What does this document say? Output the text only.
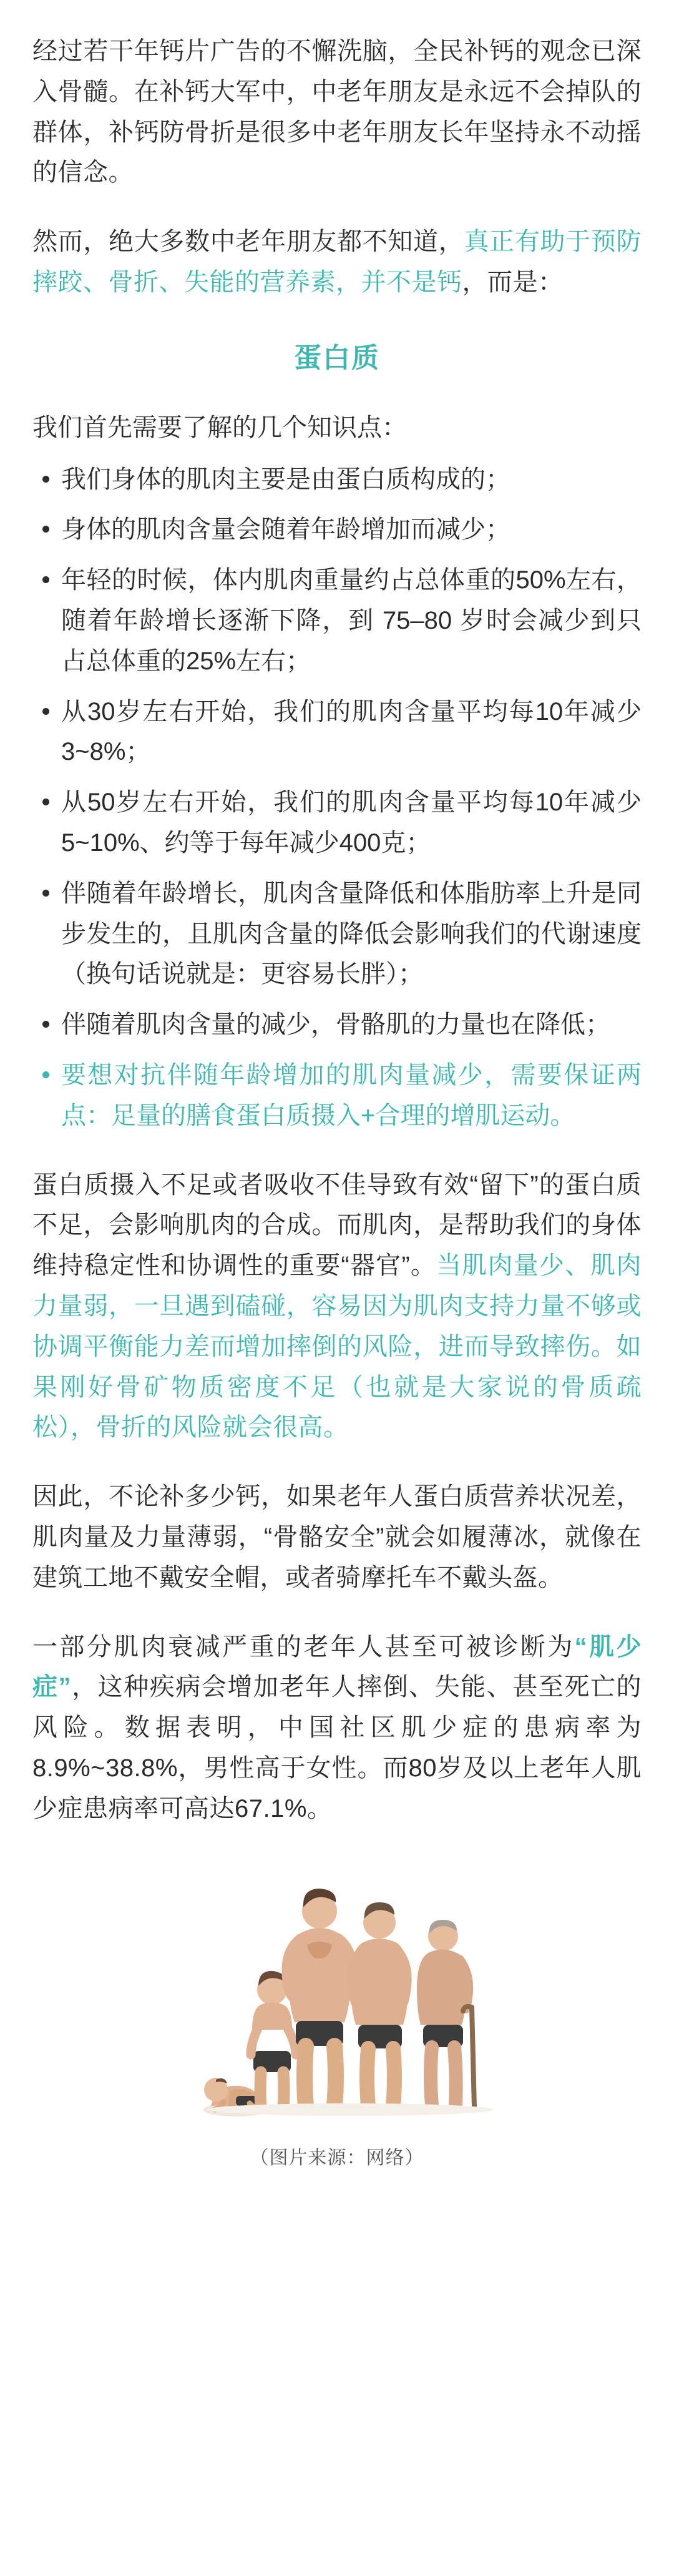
经过若干年钙片广告的不懈洗脑，全民补钙的观念已深入骨髓。在补钙大军中，中老年朋友是永远不会掉队的群体，补钙防骨折是很多中老年朋友长年坚持永不动摇的信念。

然而，绝大多数中老年朋友都不知道，真正有助于预防摔跤、骨折、失能的营养素，并不是钙，而是：

蛋白质

我们首先需要了解的几个知识点：

我们身体的肌肉主要是由蛋白质构成的；
身体的肌肉含量会随着年龄增加而减少；
年轻的时候，体内肌肉重量约占总体重的50%左右，随着年龄增长逐渐下降，到 75–80 岁时会减少到只占总体重的25%左右；
从30岁左右开始，我们的肌肉含量平均每10年减少3~8%；
从50岁左右开始，我们的肌肉含量平均每10年减少5~10%、约等于每年减少400克；
伴随着年龄增长，肌肉含量降低和体脂肪率上升是同步发生的，且肌肉含量的降低会影响我们的代谢速度（换句话说就是：更容易长胖）；
伴随着肌肉含量的减少，骨骼肌的力量也在降低；
要想对抗伴随年龄增加的肌肉量减少，需要保证两点：足量的膳食蛋白质摄入+合理的增肌运动。

蛋白质摄入不足或者吸收不佳导致有效“留下”的蛋白质不足，会影响肌肉的合成。而肌肉，是帮助我们的身体维持稳定性和协调性的重要“器官”。当肌肉量少、肌肉力量弱，一旦遇到磕碰，容易因为肌肉支持力量不够或协调平衡能力差而增加摔倒的风险，进而导致摔伤。如果刚好骨矿物质密度不足（也就是大家说的骨质疏松），骨折的风险就会很高。

因此，不论补多少钙，如果老年人蛋白质营养状况差，肌肉量及力量薄弱，“骨骼安全”就会如履薄冰，就像在建筑工地不戴安全帽，或者骑摩托车不戴头盔。

一部分肌肉衰减严重的老年人甚至可被诊断为“肌少症”，这种疾病会增加老年人摔倒、失能、甚至死亡的风险。数据表明，中国社区肌少症的患病率为8.9%~38.8%，男性高于女性。而80岁及以上老年人肌少症患病率可高达67.1%。

（图片来源：网络）
